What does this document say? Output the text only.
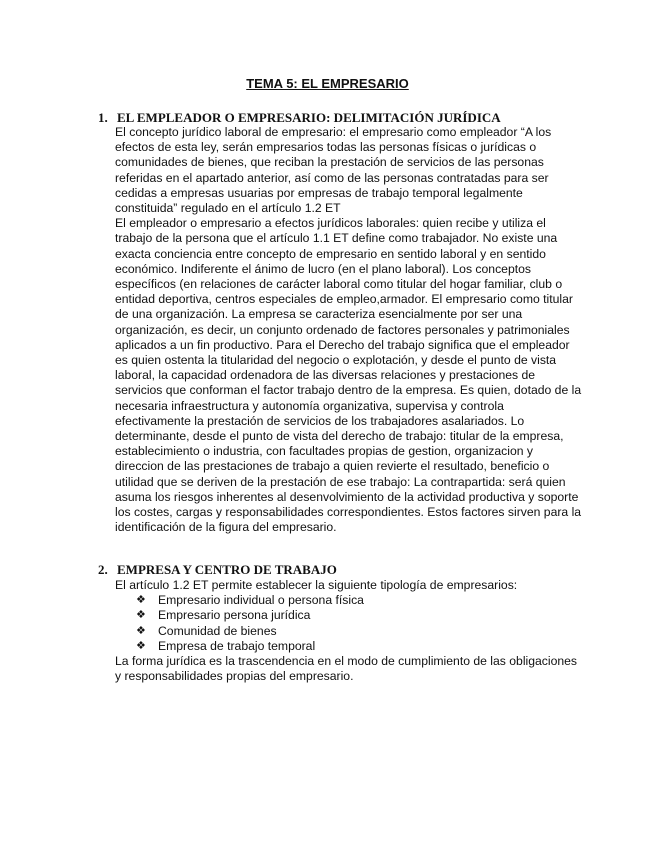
TEMA 5: EL EMPRESARIO
1. EL EMPLEADOR O EMPRESARIO: DELIMITACIÓN JURÍDICA

El concepto jurídico laboral de empresario: el empresario como empleador “A los efectos de esta ley, serán empresarios todas las personas físicas o jurídicas o comunidades de bienes, que reciban la prestación de servicios de las personas referidas en el apartado anterior, así como de las personas contratadas para ser cedidas a empresas usuarias por empresas de trabajo temporal legalmente constituida” regulado en el artículo 1.2 ET

El empleador o empresario a efectos jurídicos laborales: quien recibe y utiliza el trabajo de la persona que el artículo 1.1 ET define como trabajador. No existe una exacta conciencia entre concepto de empresario en sentido laboral y en sentido económico. Indiferente el ánimo de lucro (en el plano laboral). Los conceptos específicos (en relaciones de carácter laboral como titular del hogar familiar, club o entidad deportiva, centros especiales de empleo,armador. El empresario como titular de una organización. La empresa se caracteriza esencialmente por ser una organización, es decir, un conjunto ordenado de factores personales y patrimoniales aplicados a un fin productivo. Para el Derecho del trabajo significa que el empleador es quien ostenta la titularidad del negocio o explotación, y desde el punto de vista laboral, la capacidad ordenadora de las diversas relaciones y prestaciones de servicios que conforman el factor trabajo dentro de la empresa. Es quien, dotado de la necesaria infraestructura y autonomía organizativa, supervisa y controla efectivamente la prestación de servicios de los trabajadores asalariados. Lo determinante, desde el punto de vista del derecho de trabajo: titular de la empresa, establecimiento o industria, con facultades propias de gestion, organizacion y direccion de las prestaciones de trabajo a quien revierte el resultado, beneficio o utilidad que se deriven de la prestación de ese trabajo: La contrapartida: será quien asuma los riesgos inherentes al desenvolvimiento de la actividad productiva y soporte los costes, cargas y responsabilidades correspondientes. Estos factores sirven para la identificación de la figura del empresario.

2. EMPRESA Y CENTRO DE TRABAJO

El artículo 1.2 ET permite establecer la siguiente tipología de empresarios:

❖ Empresario individual o persona física
❖ Empresario persona jurídica
❖ Comunidad de bienes
❖ Empresa de trabajo temporal

La forma jurídica es la trascendencia en el modo de cumplimiento de las obligaciones y responsabilidades propias del empresario.
